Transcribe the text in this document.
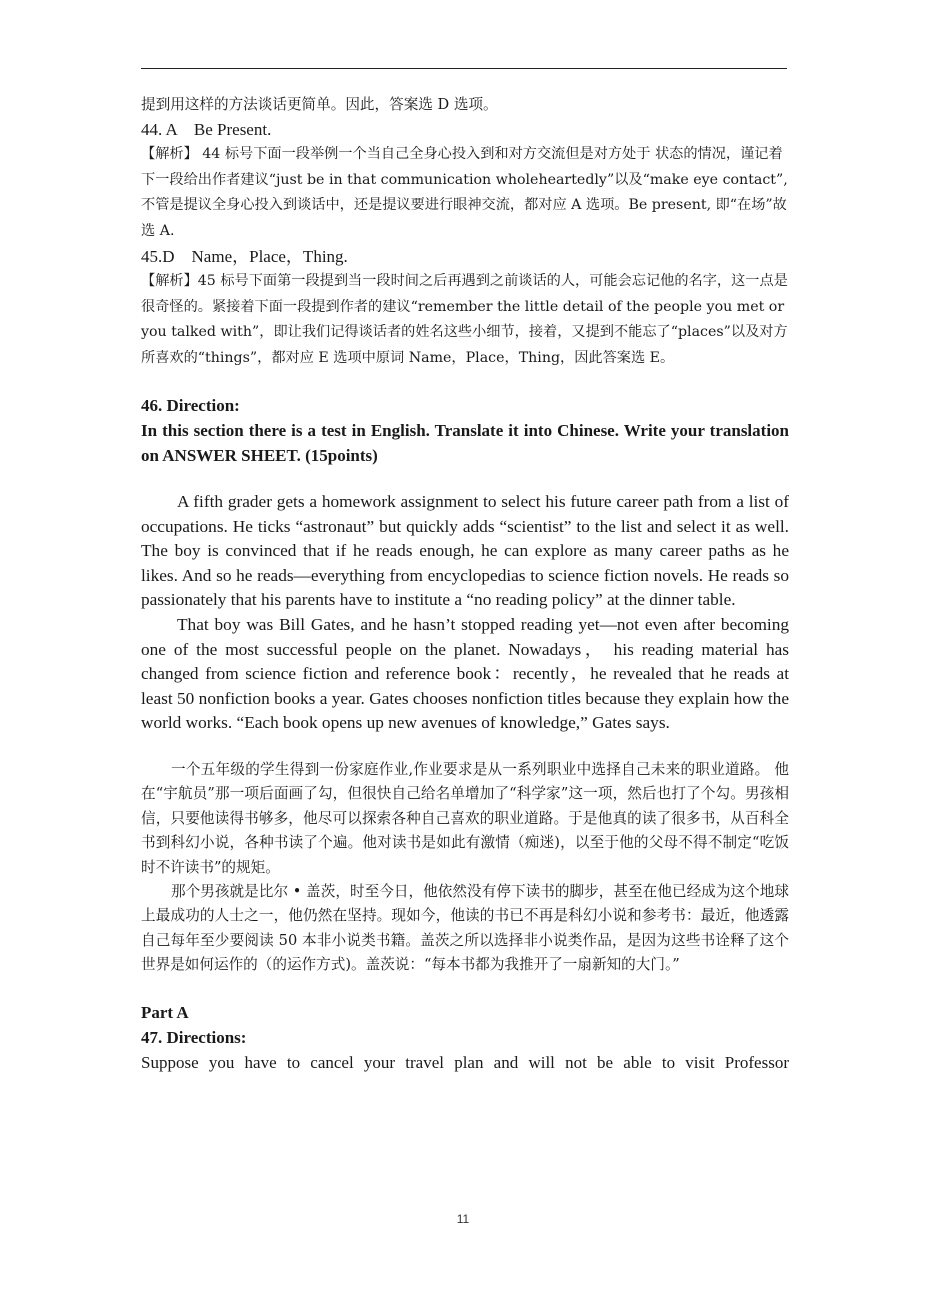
提到用这样的方法谈话更简单。因此，答案选 D 选项。

44. A    Be Present.

【解析】 44 标号下面一段举例一个当自己全身心投入到和对方交流但是对方处于 状态的情况，谨记着下一段给出作者建议“just be in that communication wholeheartedly”以及“make eye contact”,不管是提议全身心投入到谈话中，还是提议要进行眼神交流，都对应 A 选项。Be present, 即“在场”故选 A.

45.D    Name，Place，Thing.

【解析】45 标号下面第一段提到当一段时间之后再遇到之前谈话的人，可能会忘记他的名字，这一点是很奇怪的。紧接着下面一段提到作者的建议“remember the little detail of the people you met or you talked with”，即让我们记得谈话者的姓名这些小细节，接着，又提到不能忘了“places”以及对方所喜欢的“things”，都对应 E 选项中原词 Name，Place，Thing，因此答案选 E。

46. Direction:

In this section there is a test in English. Translate it into Chinese. Write your translation on ANSWER SHEET. (15points)

A fifth grader gets a homework assignment to select his future career path from a list of occupations. He ticks “astronaut” but quickly adds “scientist” to the list and select it as well. The boy is convinced that if he reads enough, he can explore as many career paths as he likes. And so he reads—everything from encyclopedias to science fiction novels. He reads so passionately that his parents have to institute a “no reading policy” at the dinner table.

That boy was Bill Gates, and he hasn’t stopped reading yet—not even after becoming one of the most successful people on the planet. Nowadays， his reading material has changed from science fiction and reference book：recently，he revealed that he reads at least 50 nonfiction books a year. Gates chooses nonfiction titles because they explain how the world works. “Each book opens up new avenues of knowledge,” Gates says.

一个五年级的学生得到一份家庭作业,作业要求是从一系列职业中选择自己未来的职业道路。 他在“宇航员”那一项后面画了勾，但很快自己给名单增加了“科学家”这一项，然后也打了个勾。男孩相信，只要他读得书够多，他尽可以探索各种自己喜欢的职业道路。于是他真的读了很多书，从百科全书到科幻小说，各种书读了个遍。他对读书是如此有激情（痴迷)，以至于他的父母不得不制定“吃饭时不许读书”的规矩。

那个男孩就是比尔 • 盖茨，时至今日，他依然没有停下读书的脚步，甚至在他已经成为这个地球上最成功的人士之一，他仍然在坚持。现如今，他读的书已不再是科幻小说和参考书：最近，他透露自己每年至少要阅读 50 本非小说类书籍。盖茨之所以选择非小说类作品，是因为这些书诠释了这个世界是如何运作的（的运作方式)。盖茨说：“每本书都为我推开了一扇新知的大门。”

Part A

47. Directions:

Suppose you have to cancel your travel plan and will not be able to visit Professor

11
